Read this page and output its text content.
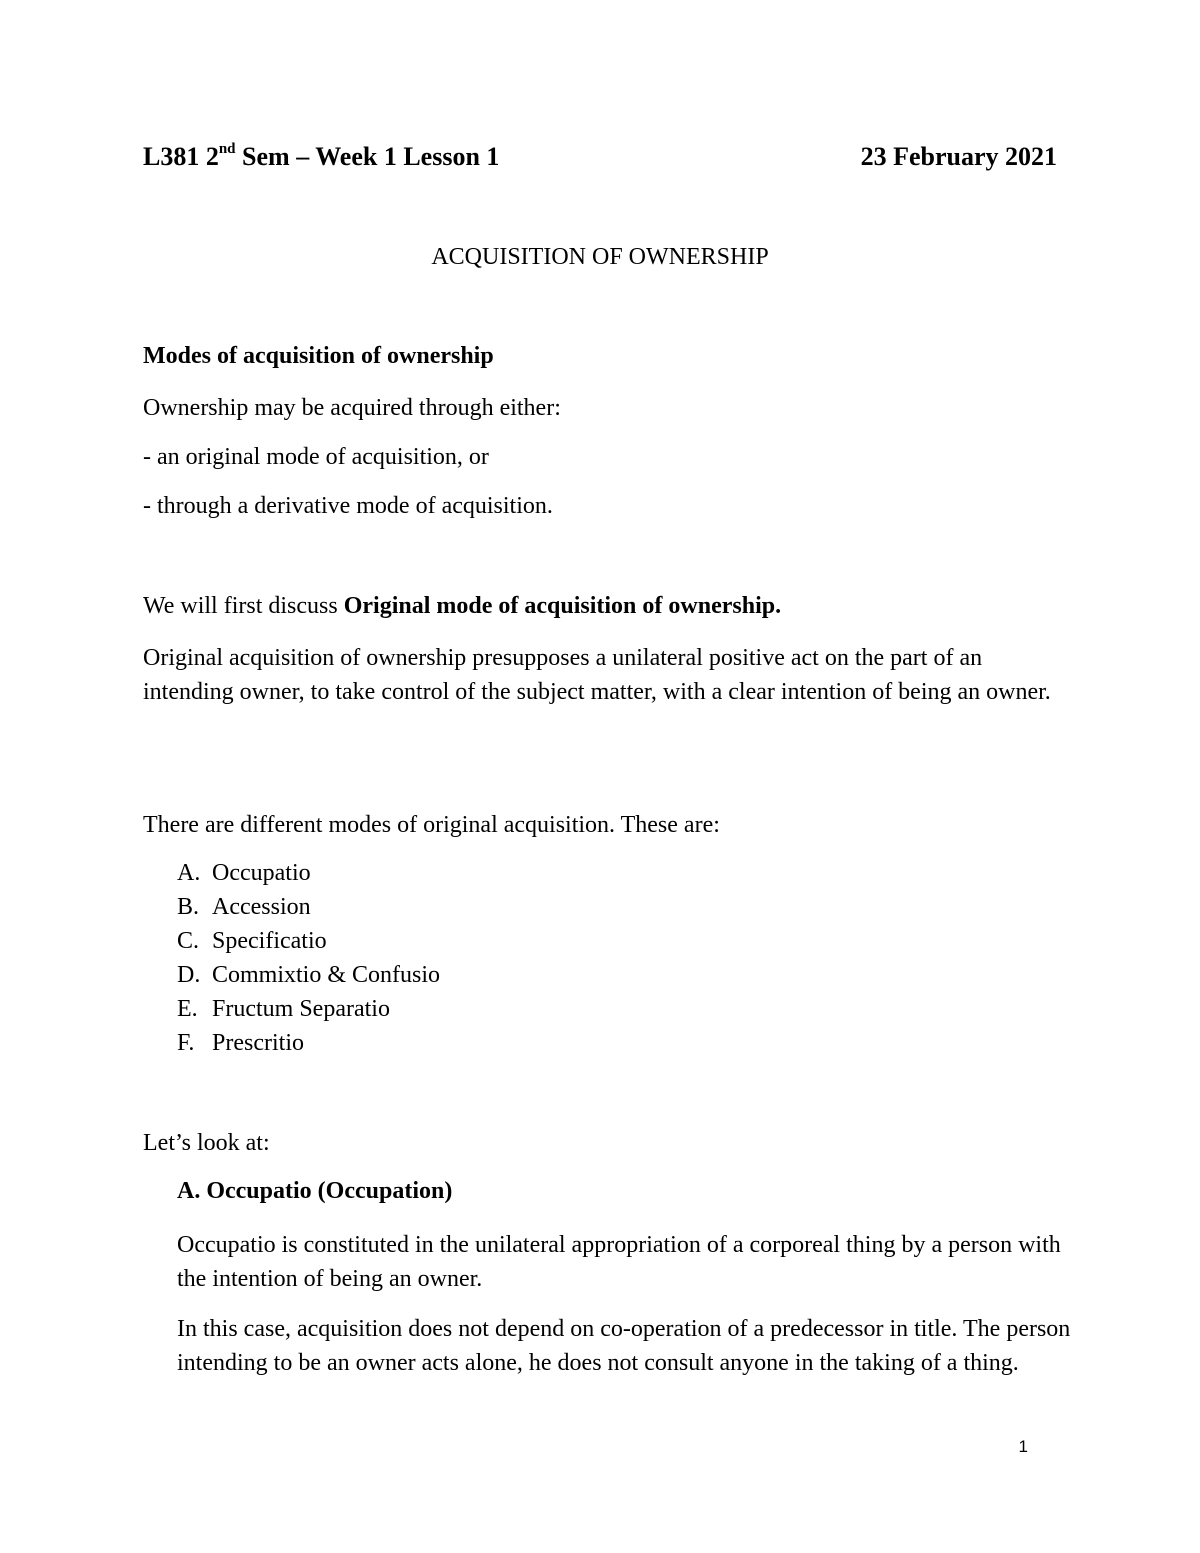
L381 2nd Sem – Week 1 Lesson 1	23 February 2021

ACQUISITION OF OWNERSHIP

Modes of acquisition of ownership

Ownership may be acquired through either:

- an original mode of acquisition, or

- through a derivative mode of acquisition.

We will first discuss Original mode of acquisition of ownership.

Original acquisition of ownership presupposes a unilateral positive act on the part of an intending owner, to take control of the subject matter, with a clear intention of being an owner.

There are different modes of original acquisition. These are:

A. Occupatio
B. Accession
C. Specificatio
D. Commixtio & Confusio
E. Fructum Separatio
F. Prescritio

Let’s look at:

A. Occupatio (Occupation)

Occupatio is constituted in the unilateral appropriation of a corporeal thing by a person with the intention of being an owner.

In this case, acquisition does not depend on co-operation of a predecessor in title. The person intending to be an owner acts alone, he does not consult anyone in the taking of a thing.

1
